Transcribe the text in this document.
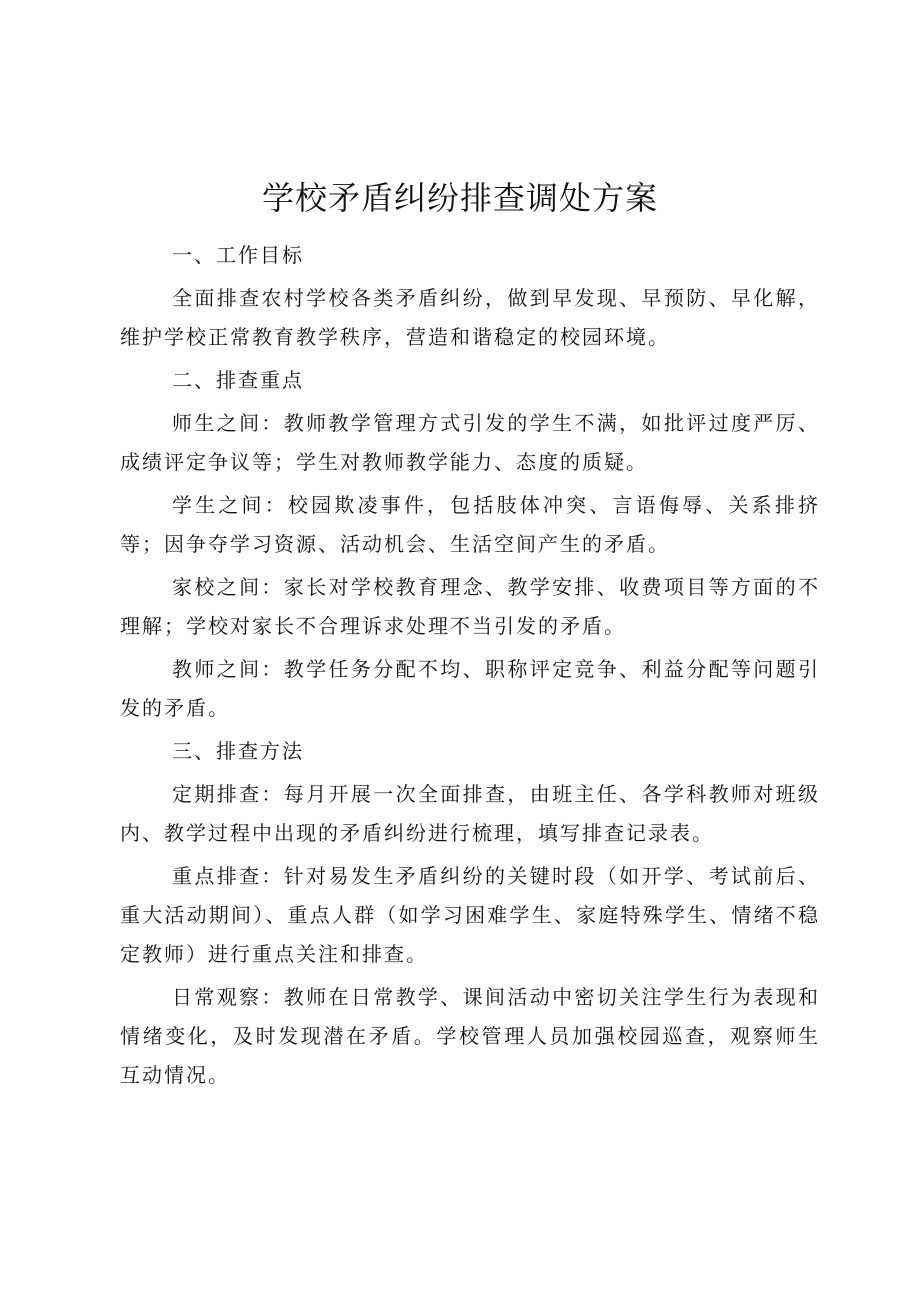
学校矛盾纠纷排查调处方案

一、工作目标

全面排查农村学校各类矛盾纠纷，做到早发现、早预防、早化解，维护学校正常教育教学秩序，营造和谐稳定的校园环境。

二、排查重点

师生之间：教师教学管理方式引发的学生不满，如批评过度严厉、成绩评定争议等；学生对教师教学能力、态度的质疑。

学生之间：校园欺凌事件，包括肢体冲突、言语侮辱、关系排挤等；因争夺学习资源、活动机会、生活空间产生的矛盾。

家校之间：家长对学校教育理念、教学安排、收费项目等方面的不理解；学校对家长不合理诉求处理不当引发的矛盾。

教师之间：教学任务分配不均、职称评定竞争、利益分配等问题引发的矛盾。

三、排查方法

定期排查：每月开展一次全面排查，由班主任、各学科教师对班级内、教学过程中出现的矛盾纠纷进行梳理，填写排查记录表。

重点排查：针对易发生矛盾纠纷的关键时段（如开学、考试前后、重大活动期间）、重点人群（如学习困难学生、家庭特殊学生、情绪不稳定教师）进行重点关注和排查。

日常观察：教师在日常教学、课间活动中密切关注学生行为表现和情绪变化，及时发现潜在矛盾。学校管理人员加强校园巡查，观察师生互动情况。
